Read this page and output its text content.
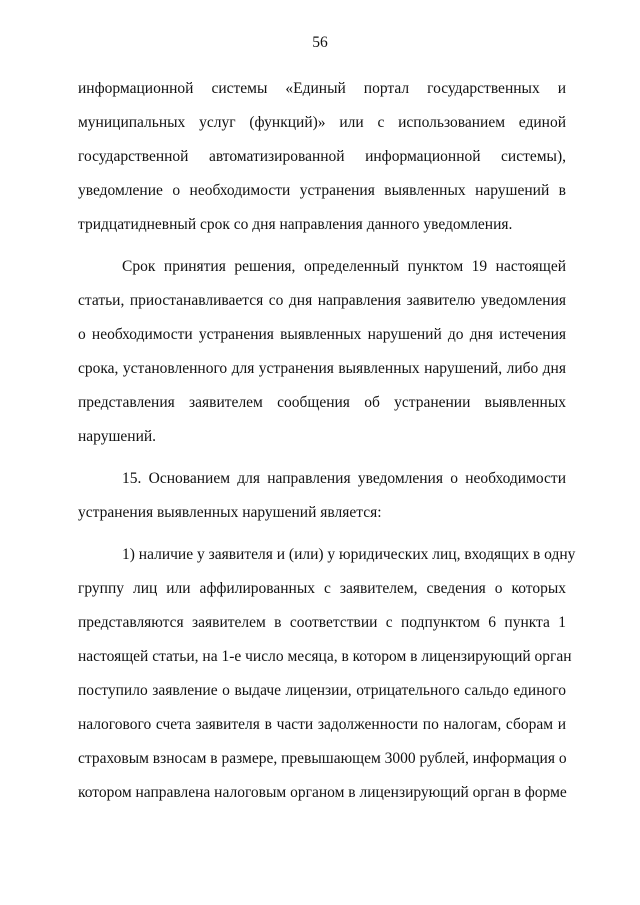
56
информационной системы «Единый портал государственных и
муниципальных услуг (функций)» или с использованием единой
государственной автоматизированной информационной системы),
уведомление о необходимости устранения выявленных нарушений в
тридцатидневный срок со дня направления данного уведомления.
Срок принятия решения, определенный пунктом 19 настоящей
статьи, приостанавливается со дня направления заявителю уведомления
о необходимости устранения выявленных нарушений до дня истечения
срока, установленного для устранения выявленных нарушений, либо дня
представления заявителем сообщения об устранении выявленных
нарушений.
15. Основанием для направления уведомления о необходимости
устранения выявленных нарушений является:
1) наличие у заявителя и (или) у юридических лиц, входящих в одну
группу лиц или аффилированных с заявителем, сведения о которых
представляются заявителем в соответствии с подпунктом 6 пункта 1
настоящей статьи, на 1-е число месяца, в котором в лицензирующий орган
поступило заявление о выдаче лицензии, отрицательного сальдо единого
налогового счета заявителя в части задолженности по налогам, сборам и
страховым взносам в размере, превышающем 3000 рублей, информация о
котором направлена налоговым органом в лицензирующий орган в форме
